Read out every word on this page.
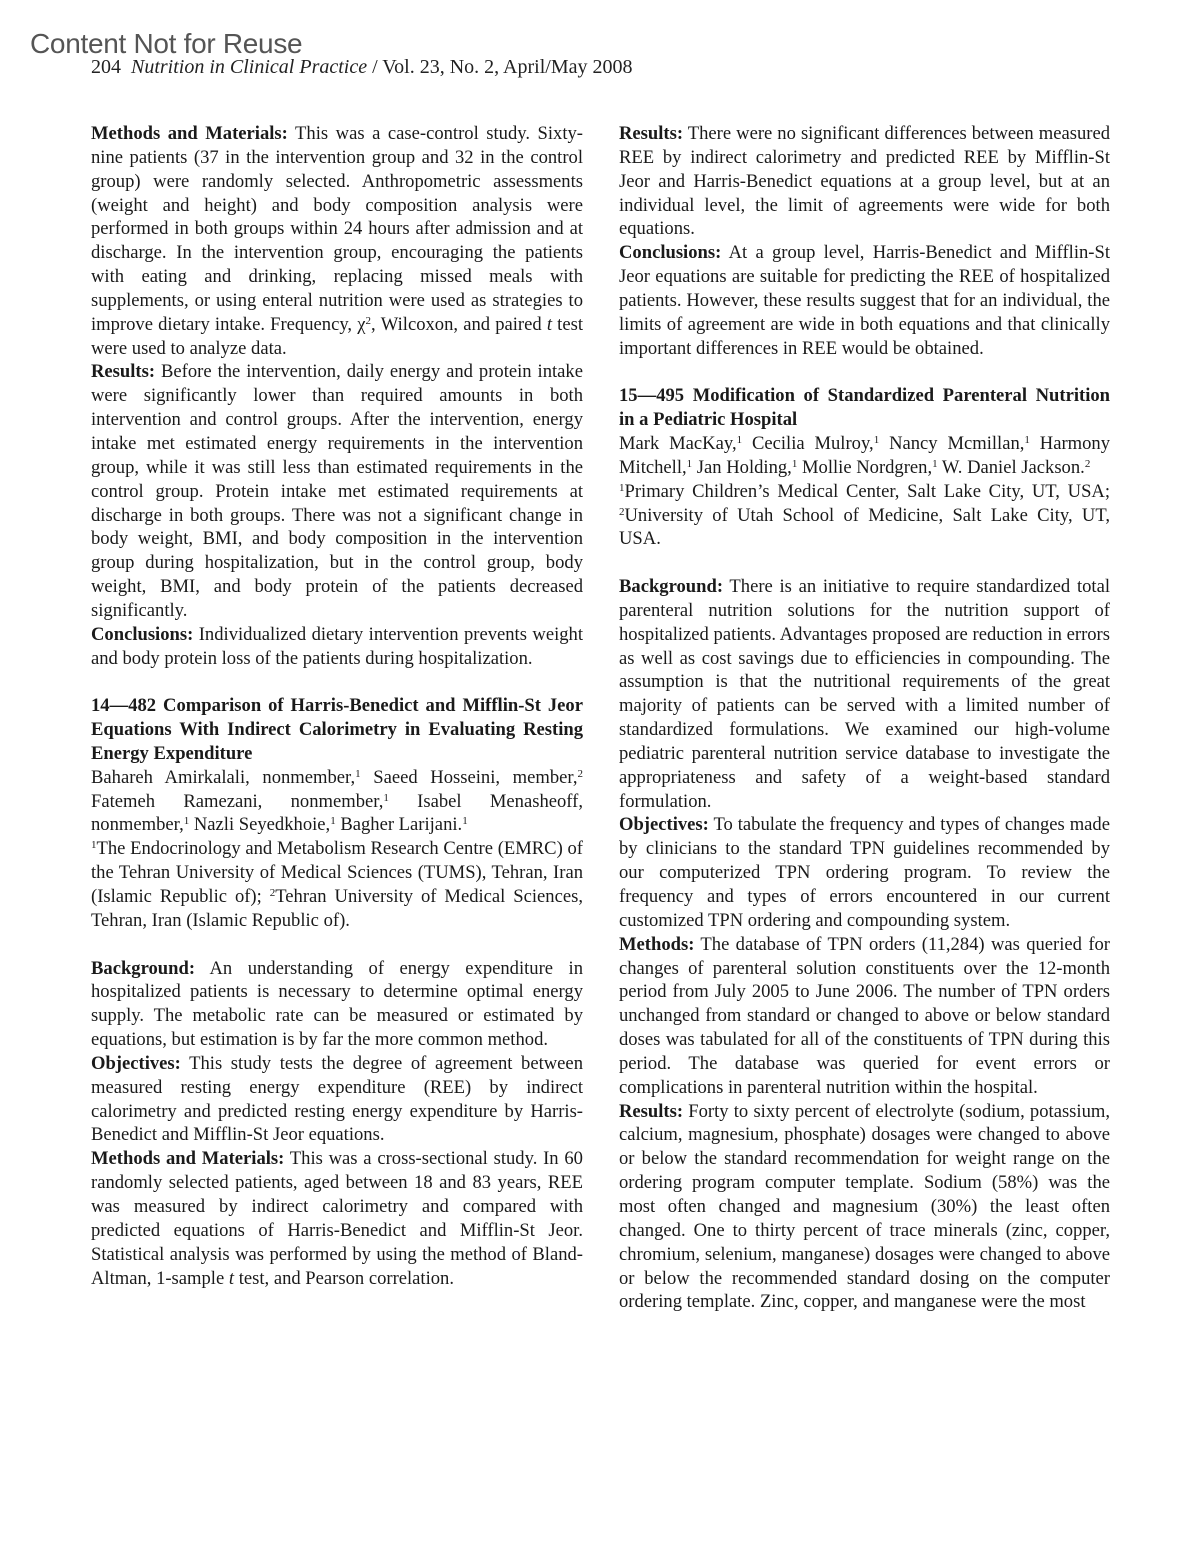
Content Not for Reuse
204 Nutrition in Clinical Practice / Vol. 23, No. 2, April/May 2008

Methods and Materials: This was a case-control study. Sixty-nine patients (37 in the intervention group and 32 in the control group) were randomly selected. Anthropometric assessments (weight and height) and body composition analysis were performed in both groups within 24 hours after admission and at discharge. In the intervention group, encouraging the patients with eating and drinking, replacing missed meals with supplements, or using enteral nutrition were used as strategies to improve dietary intake. Frequency, $\chi^2$, Wilcoxon, and paired t test were used to analyze data.

Results: Before the intervention, daily energy and protein intake were significantly lower than required amounts in both intervention and control groups. After the intervention, energy intake met estimated energy requirements in the intervention group, while it was still less than estimated requirements in the control group. Protein intake met estimated requirements at discharge in both groups. There was not a significant change in body weight, BMI, and body composition in the intervention group during hospitalization, but in the control group, body weight, BMI, and body protein of the patients decreased significantly.

Conclusions: Individualized dietary intervention prevents weight and body protein loss of the patients during hospitalization.

14—482 Comparison of Harris-Benedict and Mifflin-St Jeor Equations With Indirect Calorimetry in Evaluating Resting Energy Expenditure

Bahareh Amirkalali, nonmember,$^1$ Saeed Hosseini, member,$^2$ Fatemeh Ramezani, nonmember,$^1$ Isabel Menasheoff, nonmember,$^1$ Nazli Seyedkhoie,$^1$ Bagher Larijani.$^1$

$^1$The Endocrinology and Metabolism Research Centre (EMRC) of the Tehran University of Medical Sciences (TUMS), Tehran, Iran (Islamic Republic of); $^2$Tehran University of Medical Sciences, Tehran, Iran (Islamic Republic of).

Background: An understanding of energy expenditure in hospitalized patients is necessary to determine optimal energy supply. The metabolic rate can be measured or estimated by equations, but estimation is by far the more common method.

Objectives: This study tests the degree of agreement between measured resting energy expenditure (REE) by indirect calorimetry and predicted resting energy expenditure by Harris-Benedict and Mifflin-St Jeor equations.

Methods and Materials: This was a cross-sectional study. In 60 randomly selected patients, aged between 18 and 83 years, REE was measured by indirect calorimetry and compared with predicted equations of Harris-Benedict and Mifflin-St Jeor. Statistical analysis was performed by using the method of Bland-Altman, 1-sample t test, and Pearson correlation.

Results: There were no significant differences between measured REE by indirect calorimetry and predicted REE by Mifflin-St Jeor and Harris-Benedict equations at a group level, but at an individual level, the limit of agreements were wide for both equations.

Conclusions: At a group level, Harris-Benedict and Mifflin-St Jeor equations are suitable for predicting the REE of hospitalized patients. However, these results suggest that for an individual, the limits of agreement are wide in both equations and that clinically important differences in REE would be obtained.

15—495 Modification of Standardized Parenteral Nutrition in a Pediatric Hospital

Mark MacKay,$^1$ Cecilia Mulroy,$^1$ Nancy Mcmillan,$^1$ Harmony Mitchell,$^1$ Jan Holding,$^1$ Mollie Nordgren,$^1$ W. Daniel Jackson.$^2$

$^1$Primary Children’s Medical Center, Salt Lake City, UT, USA; $^2$University of Utah School of Medicine, Salt Lake City, UT, USA.

Background: There is an initiative to require standardized total parenteral nutrition solutions for the nutrition support of hospitalized patients. Advantages proposed are reduction in errors as well as cost savings due to efficiencies in compounding. The assumption is that the nutritional requirements of the great majority of patients can be served with a limited number of standardized formulations. We examined our high-volume pediatric parenteral nutrition service database to investigate the appropriateness and safety of a weight-based standard formulation.

Objectives: To tabulate the frequency and types of changes made by clinicians to the standard TPN guidelines recommended by our computerized TPN ordering program. To review the frequency and types of errors encountered in our current customized TPN ordering and compounding system.

Methods: The database of TPN orders (11,284) was queried for changes of parenteral solution constituents over the 12-month period from July 2005 to June 2006. The number of TPN orders unchanged from standard or changed to above or below standard doses was tabulated for all of the constituents of TPN during this period. The database was queried for event errors or complications in parenteral nutrition within the hospital.

Results: Forty to sixty percent of electrolyte (sodium, potassium, calcium, magnesium, phosphate) dosages were changed to above or below the standard recommendation for weight range on the ordering program computer template. Sodium (58%) was the most often changed and magnesium (30%) the least often changed. One to thirty percent of trace minerals (zinc, copper, chromium, selenium, manganese) dosages were changed to above or below the recommended standard dosing on the computer ordering template. Zinc, copper, and manganese were the most
